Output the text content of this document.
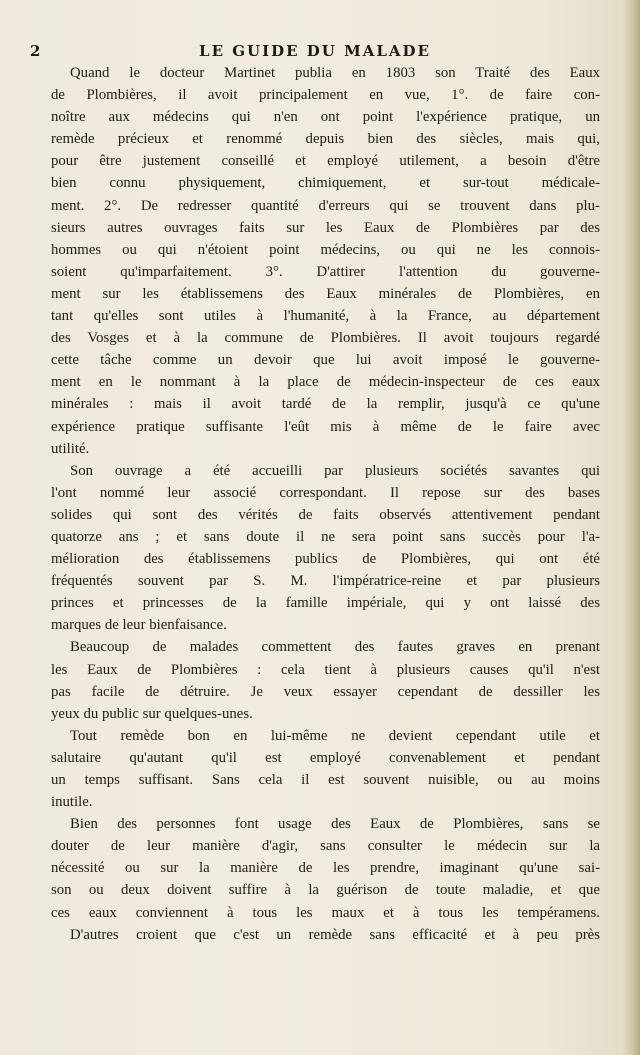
2	LE GUIDE DU MALADE
Quand le docteur Martinet publia en 1803 son Traité des Eaux
de Plombières, il avoit principalement en vue, 1°. de faire con-
noître aux médecins qui n'en ont point l'expérience pratique, un
remède précieux et renommé depuis bien des siècles, mais qui,
pour être justement conseillé et employé utilement, a besoin d'être
bien connu physiquement, chimiquement, et sur-tout médicale-
ment. 2°. De redresser quantité d'erreurs qui se trouvent dans plu-
sieurs autres ouvrages faits sur les Eaux de Plombières par des
hommes ou qui n'étoient point médecins, ou qui ne les connois-
soient qu'imparfaitement. 3°. D'attirer l'attention du gouverne-
ment sur les établissemens des Eaux minérales de Plombières, en
tant qu'elles sont utiles à l'humanité, à la France, au département
des Vosges et à la commune de Plombières. Il avoit toujours regardé
cette tâche comme un devoir que lui avoit imposé le gouverne-
ment en le nommant à la place de médecin-inspecteur de ces eaux
minérales : mais il avoit tardé de la remplir, jusqu'à ce qu'une
expérience pratique suffisante l'eût mis à même de le faire avec
utilité.
Son ouvrage a été accueilli par plusieurs sociétés savantes qui
l'ont nommé leur associé correspondant. Il repose sur des bases
solides qui sont des vérités de faits observés attentivement pendant
quatorze ans ; et sans doute il ne sera point sans succès pour l'a-
mélioration des établissemens publics de Plombières, qui ont été
fréquentés souvent par S. M. l'impératrice-reine et par plusieurs
princes et princesses de la famille impériale, qui y ont laissé des
marques de leur bienfaisance.
Beaucoup de malades commettent des fautes graves en prenant
les Eaux de Plombières : cela tient à plusieurs causes qu'il n'est
pas facile de détruire. Je veux essayer cependant de dessiller les
yeux du public sur quelques-unes.
Tout remède bon en lui-même ne devient cependant utile et
salutaire qu'autant qu'il est employé convenablement et pendant
un temps suffisant. Sans cela il est souvent nuisible, ou au moins
inutile.
Bien des personnes font usage des Eaux de Plombières, sans se
douter de leur manière d'agir, sans consulter le médecin sur la
nécessité ou sur la manière de les prendre, imaginant qu'une sai-
son ou deux doivent suffire à la guérison de toute maladie, et que
ces eaux conviennent à tous les maux et à tous les tempéramens.
D'autres croient que c'est un remède sans efficacité et à peu près
